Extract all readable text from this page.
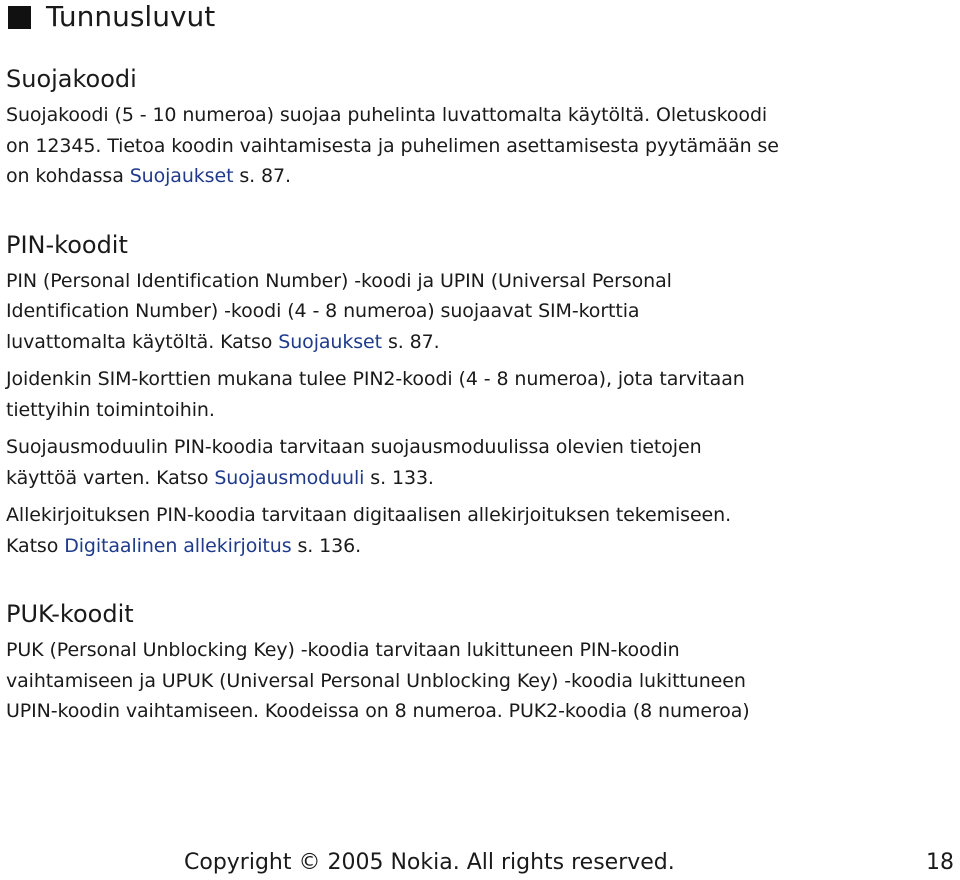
Tunnusluvut
Suojakoodi

Suojakoodi (5 - 10 numeroa) suojaa puhelinta luvattomalta käytöltä. Oletuskoodi
on 12345. Tietoa koodin vaihtamisesta ja puhelimen asettamisesta pyytämään se
on kohdassa Suojaukset s. 87.

PIN-koodit

PIN (Personal Identification Number) -koodi ja UPIN (Universal Personal
Identification Number) -koodi (4 - 8 numeroa) suojaavat SIM-korttia
luvattomalta käytöltä. Katso Suojaukset s. 87.

Joidenkin SIM-korttien mukana tulee PIN2-koodi (4 - 8 numeroa), jota tarvitaan
tiettyihin toimintoihin.

Suojausmoduulin PIN-koodia tarvitaan suojausmoduulissa olevien tietojen
käyttöä varten. Katso Suojausmoduuli s. 133.

Allekirjoituksen PIN-koodia tarvitaan digitaalisen allekirjoituksen tekemiseen.
Katso Digitaalinen allekirjoitus s. 136.

PUK-koodit

PUK (Personal Unblocking Key) -koodia tarvitaan lukittuneen PIN-koodin
vaihtamiseen ja UPUK (Universal Personal Unblocking Key) -koodia lukittuneen
UPIN-koodin vaihtamiseen. Koodeissa on 8 numeroa. PUK2-koodia (8 numeroa)

Copyright © 2005 Nokia. All rights reserved.	18
